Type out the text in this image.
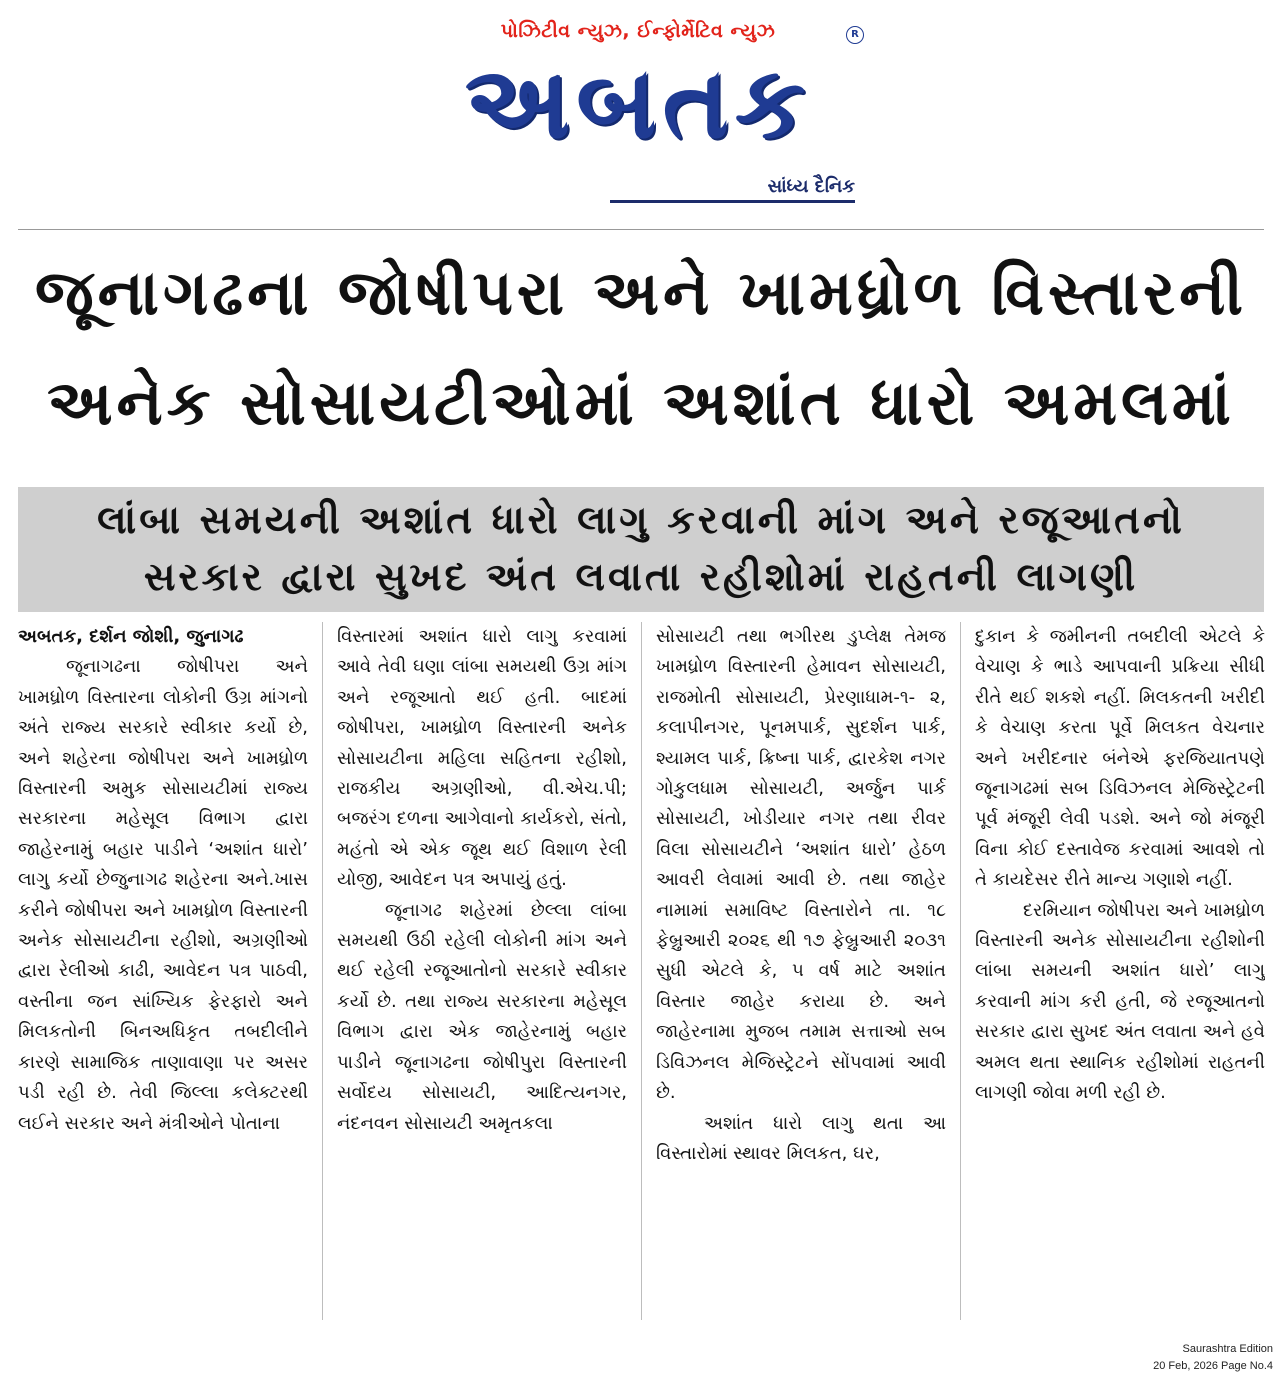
પોઝિટીવ ન્યુઝ, ઈન્ફોર્મેટિવ ન્યુઝ
અબતક
R
સાંધ્ય દૈનિક
જૂનાગઢના જોષીપરા અને ખામધ્રોળ વિસ્તારની
અનેક સોસાયટીઓમાં અશાંત ધારો અમલમાં
લાંબા સમયની અશાંત ધારો લાગુ કરવાની માંગ અને રજૂઆતનો
સરકાર દ્વારા સુખદ અંત લવાતા રહીશોમાં રાહતની લાગણી

અબતક, દર્શન જોશી, જુનાગઢ

જૂનાગઢના જોષીપરા અને ખામધ્રોળ વિસ્તારના લોકોની ઉગ્ર માંગનો અંતે રાજ્ય સરકારે સ્વીકાર કર્યો છે, અને શહેરના જોષીપરા અને ખામધ્રોળ વિસ્તારની અમુક સોસાયટીમાં રાજ્ય સરકારના મહેસૂલ વિભાગ દ્વારા જાહેરનામું બહાર પાડીને ‘અશાંત ધારો’ લાગુ કર્યો છેજુનાગઢ શહેરના અને.ખાસ કરીને જોષીપરા અને ખામધ્રોળ વિસ્તારની અનેક સોસાયટીના રહીશો, અગ્રણીઓ દ્વારા રેલીઓ કાઢી, આવેદન પત્ર પાઠવી, વસ્તીના જન સાંખ્યિક ફેરફારો અને મિલકતોની બિનઅધિકૃત તબદીલીને કારણે સામાજિક તાણાવાણા પર અસર પડી રહી છે. તેવી જિલ્લા કલેક્ટરથી લઈને સરકાર અને મંત્રીઓને પોતાના

વિસ્તારમાં અશાંત ધારો લાગુ કરવામાં આવે તેવી ઘણા લાંબા સમયથી ઉગ્ર માંગ અને રજૂઆતો થઈ હતી. બાદમાં જોષીપરા, ખામધ્રોળ વિસ્તારની અનેક સોસાયટીના મહિલા સહિતના રહીશો, રાજકીય અગ્રણીઓ, વી.એચ.પી; બજરંગ દળના આગેવાનો કાર્યકરો, સંતો, મહંતો એ એક જૂથ થઈ વિશાળ રેલી યોજી, આવેદન પત્ર અપાયું હતું.

જૂનાગઢ શહેરમાં છેલ્લા લાંબા સમયથી ઉઠી રહેલી લોકોની માંગ અને થઈ રહેલી રજૂઆતોનો સરકારે સ્વીકાર કર્યો છે. તથા રાજ્ય સરકારના મહેસૂલ વિભાગ દ્વારા એક જાહેરનામું બહાર પાડીને જૂનાગઢના જોષીપુરા વિસ્તારની સર્વોદય સોસાયટી, આદિત્યનગર, નંદનવન સોસાયટી અમૃતકલા

સોસાયટી તથા ભગીરથ ડુપ્લેક્ષ તેમજ ખામધ્રોળ વિસ્તારની હેમાવન સોસાયટી, રાજમોતી સોસાયટી, પ્રેરણાધામ-૧- ૨, કલાપીનગર, પૂનમપાર્ક, સુદર્શન પાર્ક, શ્યામલ પાર્ક, ક્રિષ્ના પાર્ક, દ્વારકેશ નગર ગોકુલધામ સોસાયટી, અર્જુન પાર્ક સોસાયટી, ખોડીયાર નગર તથા રીવર વિલા સોસાયટીને ‘અશાંત ધારો’ હેઠળ આવરી લેવામાં આવી છે. તથા જાહેર નામામાં સમાવિષ્ટ વિસ્તારોને તા. ૧૮ ફેબ્રુઆરી ૨૦૨૬ થી ૧૭ ફેબ્રુઆરી ૨૦૩૧ સુધી એટલે કે, ૫ વર્ષ માટે અશાંત વિસ્તાર જાહેર કરાયા છે. અને જાહેરનામા મુજબ તમામ સત્તાઓ સબ ડિવિઝનલ મેજિસ્ટ્રેટને સોંપવામાં આવી છે.

અશાંત ધારો લાગુ થતા આ વિસ્તારોમાં સ્થાવર મિલકત, ઘર,

દુકાન કે જમીનની તબદીલી એટલે કે વેચાણ કે ભાડે આપવાની પ્રક્રિયા સીધી રીતે થઈ શકશે નહીં. મિલકતની ખરીદી કે વેચાણ કરતા પૂર્વે મિલકત વેચનાર અને ખરીદનાર બંનેએ ફરજિયાતપણે જૂનાગઢમાં સબ ડિવિઝનલ મેજિસ્ટ્રેટની પૂર્વ મંજૂરી લેવી પડશે. અને જો મંજૂરી વિના કોઈ દસ્તાવેજ કરવામાં આવશે તો તે કાયદેસર રીતે માન્ય ગણાશે નહીં.

દરમિયાન જોષીપરા અને ખામધ્રોળ વિસ્તારની અનેક સોસાયટીના રહીશોની લાંબા સમયની અશાંત ધારો’ લાગુ કરવાની માંગ કરી હતી, જે રજૂઆતનો સરકાર દ્વારા સુખદ અંત લવાતા અને હવે અમલ થતા સ્થાનિક રહીશોમાં રાહતની લાગણી જોવા મળી રહી છે.

Saurashtra Edition
20 Feb, 2026 Page No.4
